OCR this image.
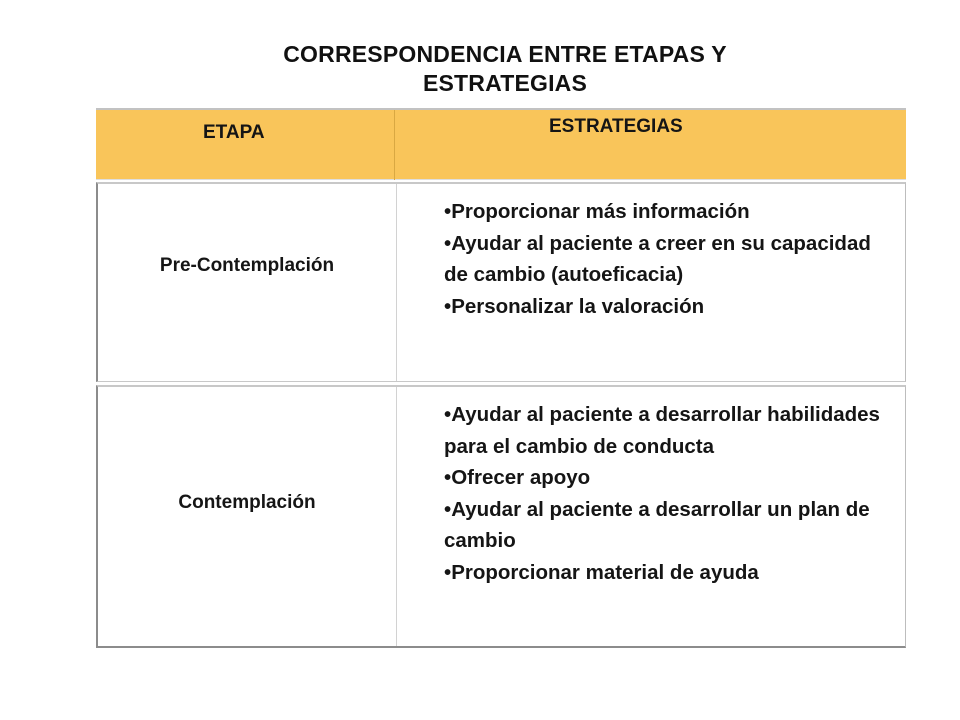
CORRESPONDENCIA ENTRE ETAPAS Y
ESTRATEGIAS
ETAPA	ESTRATEGIAS
Pre-Contemplación
• Proporcionar más información
• Ayudar al paciente a creer en su capacidad de cambio (autoeficacia)
• Personalizar la valoración
Contemplación
• Ayudar al paciente a desarrollar habilidades para el cambio de conducta
• Ofrecer apoyo
• Ayudar al paciente a desarrollar un plan de cambio
• Proporcionar material de ayuda
